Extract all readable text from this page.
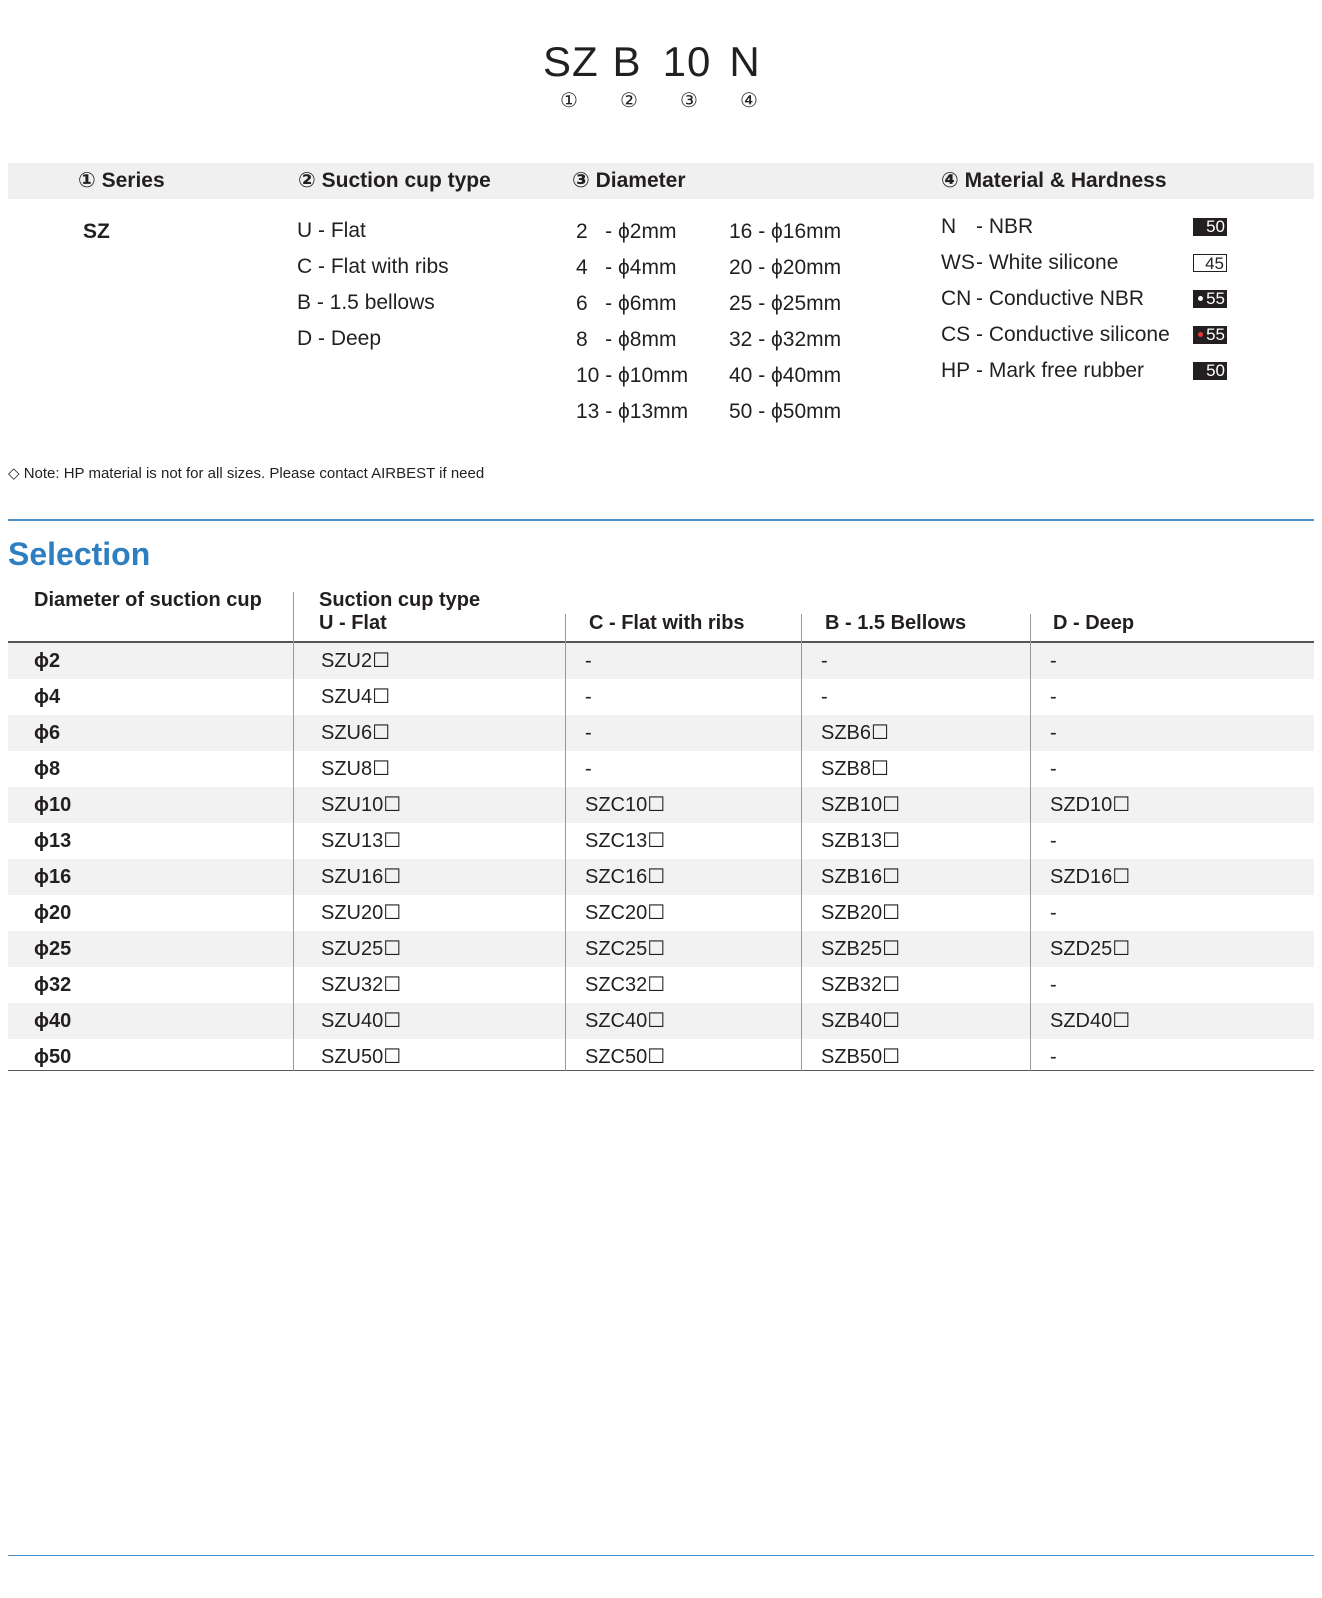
SZ B 10 N
①	②	③	④
① Series	② Suction cup type	③ Diameter	④ Material & Hardness
SZ	U - Flat
C - Flat with ribs
B - 1.5 bellows
D - Deep
2   - ϕ2mm
4   - ϕ4mm
6   - ϕ6mm
8   - ϕ8mm
10 - ϕ10mm
13 - ϕ13mm
16 - ϕ16mm
20 - ϕ20mm
25 - ϕ25mm
32 - ϕ32mm
40 - ϕ40mm
50 - ϕ50mm
N - NBR	50
WS - White silicone	45
CN - Conductive NBR	55
CS - Conductive silicone	55
HP - Mark free rubber	50
◇ Note: HP material is not for all sizes. Please contact AIRBEST if need
Selection
Diameter of suction cup	Suction cup type
U - Flat	C - Flat with ribs	B - 1.5 Bellows	D - Deep
ϕ2	SZU2☐	-	-	-
ϕ4	SZU4☐	-	-	-
ϕ6	SZU6☐	-	SZB6☐	-
ϕ8	SZU8☐	-	SZB8☐	-
ϕ10	SZU10☐	SZC10☐	SZB10☐	SZD10☐
ϕ13	SZU13☐	SZC13☐	SZB13☐	-
ϕ16	SZU16☐	SZC16☐	SZB16☐	SZD16☐
ϕ20	SZU20☐	SZC20☐	SZB20☐	-
ϕ25	SZU25☐	SZC25☐	SZB25☐	SZD25☐
ϕ32	SZU32☐	SZC32☐	SZB32☐	-
ϕ40	SZU40☐	SZC40☐	SZB40☐	SZD40☐
ϕ50	SZU50☐	SZC50☐	SZB50☐	-
